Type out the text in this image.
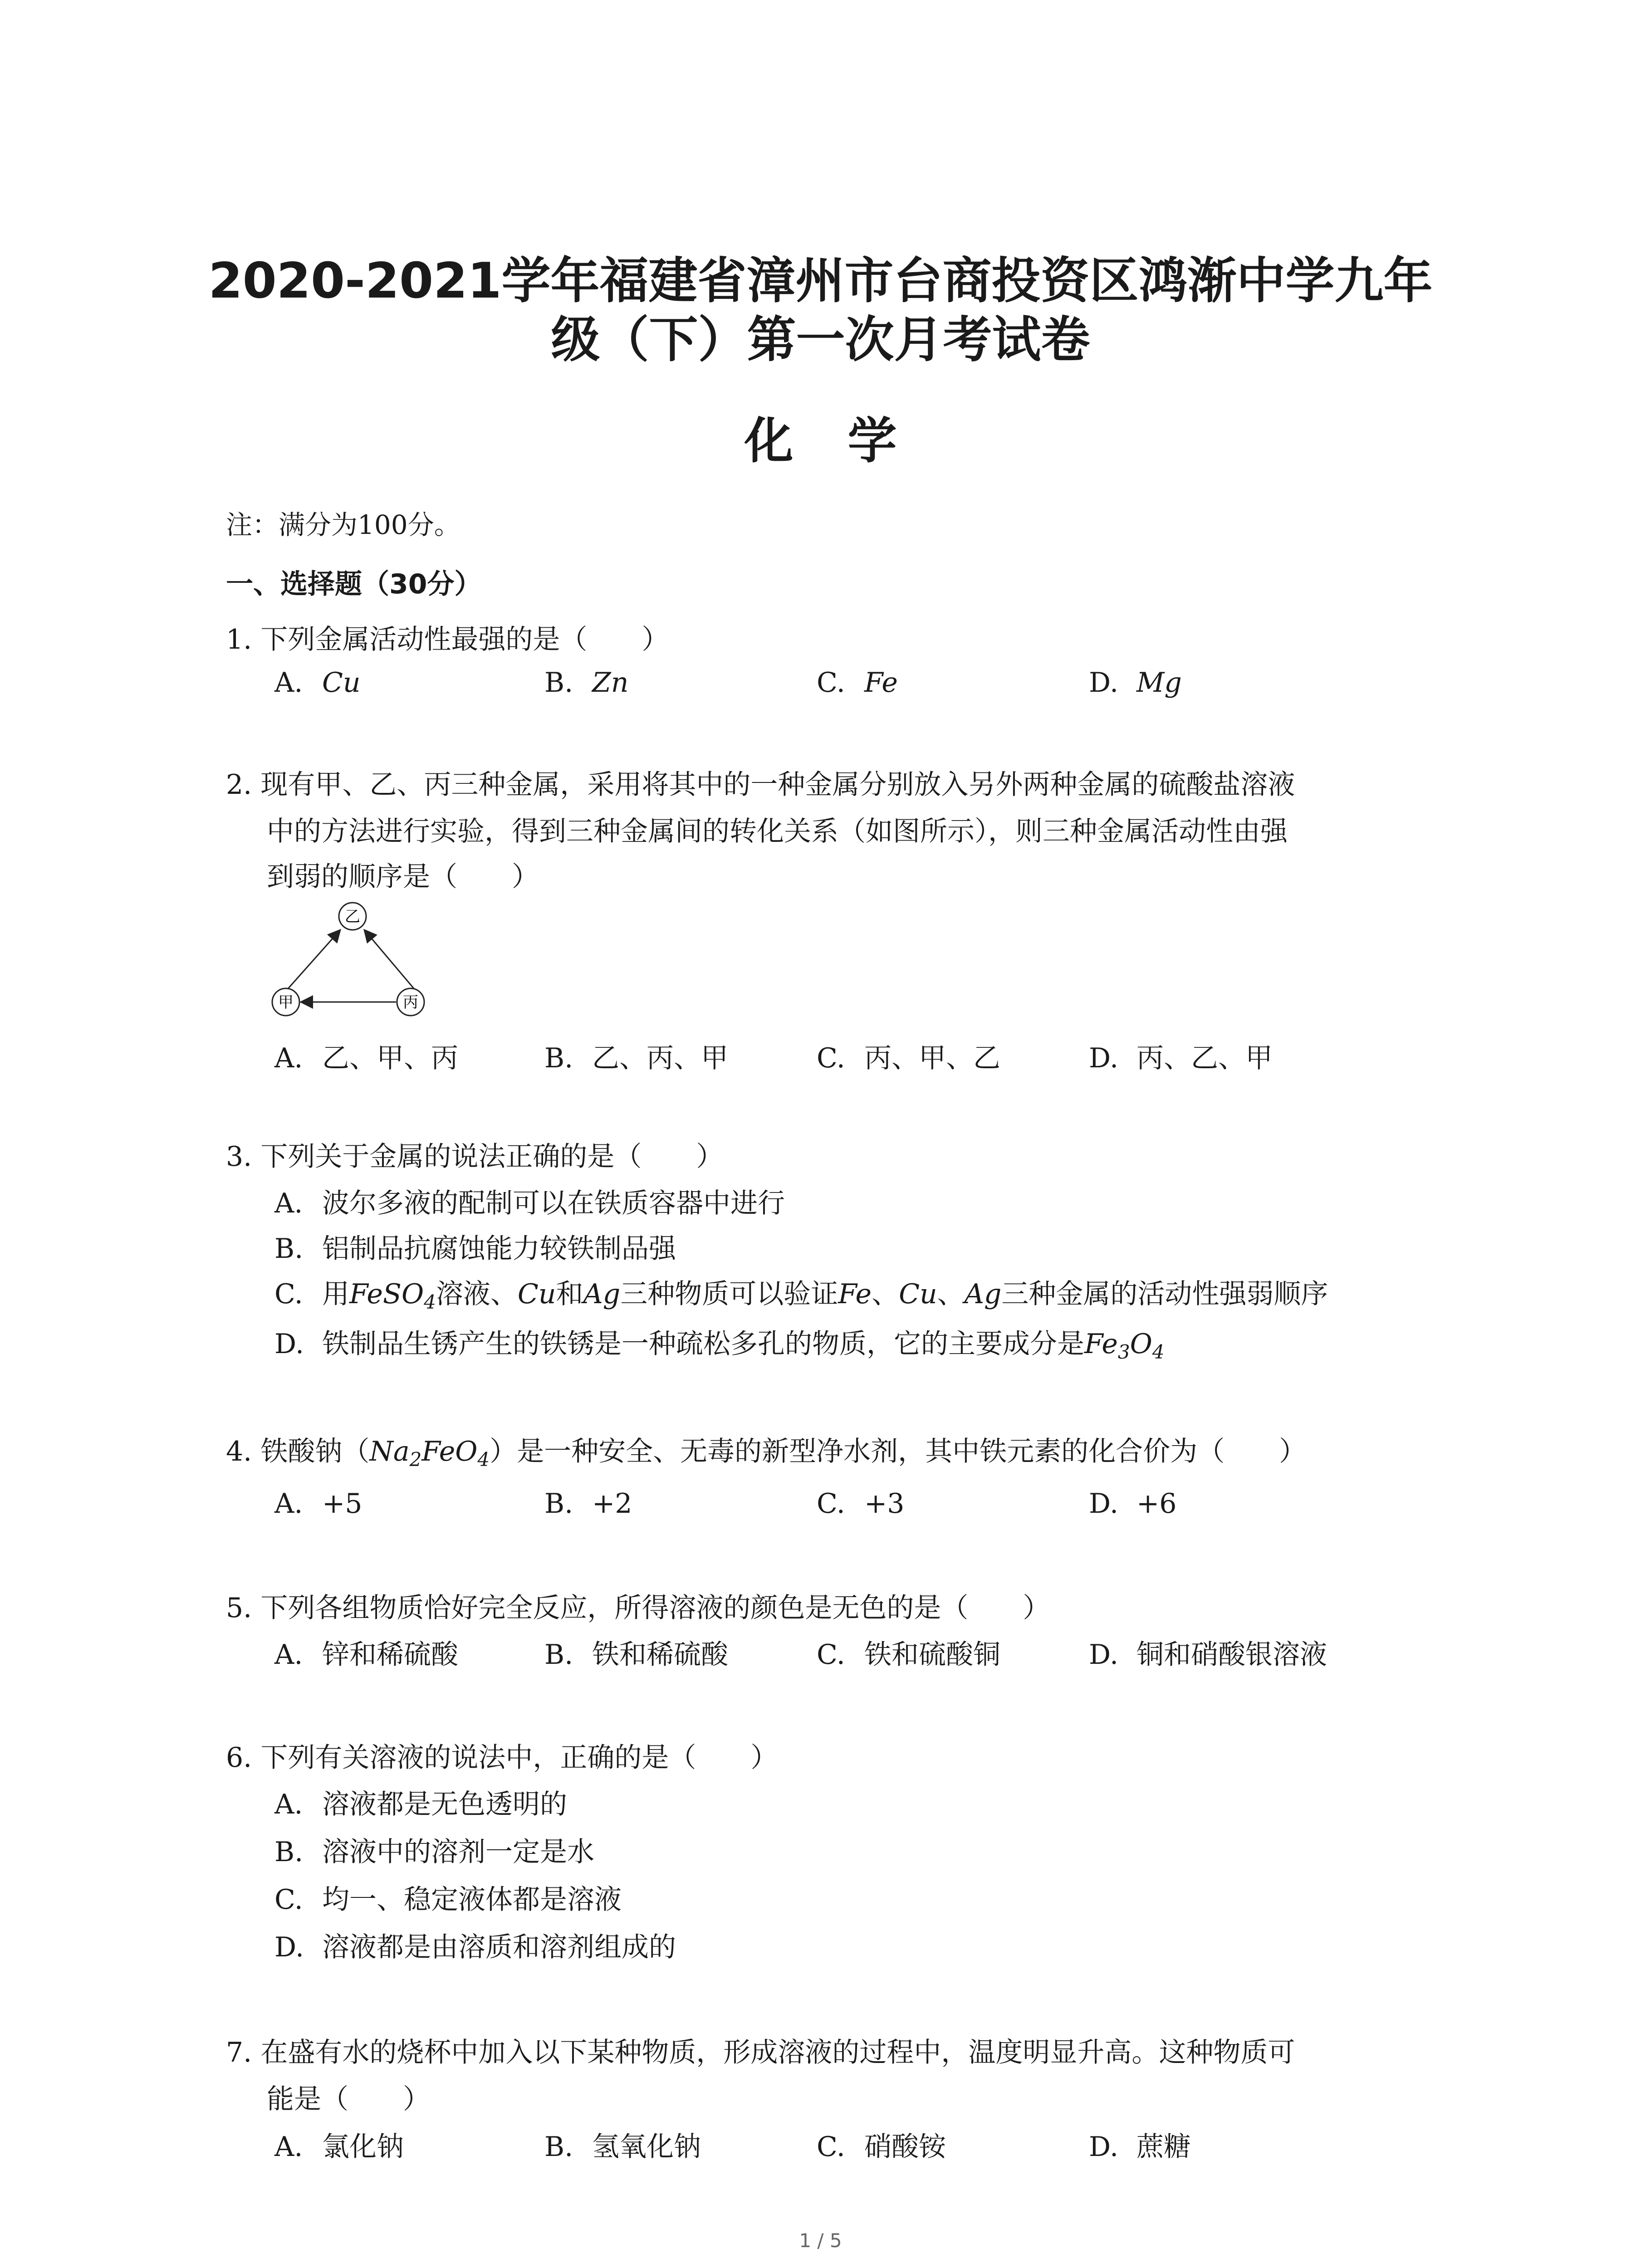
2020-2021学年福建省漳州市台商投资区鸿渐中学九年
级（下）第一次月考试卷
化学
注：满分为100分。
一、选择题（30分）
1. 下列金属活动性最强的是（　　）
A. Cu	B. Zn	C. Fe	D. Mg
2. 现有甲、乙、丙三种金属，采用将其中的一种金属分别放入另外两种金属的硫酸盐溶液
中的方法进行实验，得到三种金属间的转化关系（如图所示），则三种金属活动性由强
到弱的顺序是（　　）
乙
甲	丙
A. 乙、甲、丙	B. 乙、丙、甲	C. 丙、甲、乙	D. 丙、乙、甲
3. 下列关于金属的说法正确的是（　　）
A. 波尔多液的配制可以在铁质容器中进行
B. 铝制品抗腐蚀能力较铁制品强
C. 用FeSO$_4$溶液、Cu和Ag三种物质可以验证Fe、Cu、Ag三种金属的活动性强弱顺序
D. 铁制品生锈产生的铁锈是一种疏松多孔的物质，它的主要成分是$Fe_3O_4$
4. 铁酸钠$(Na_2FeO_4)$是一种安全、无毒的新型净水剂，其中铁元素的化合价为（　　）
A. +5	B. +2	C. +3	D. +6
5. 下列各组物质恰好完全反应，所得溶液的颜色是无色的是（　　）
A. 锌和稀硫酸	B. 铁和稀硫酸	C. 铁和硫酸铜	D. 铜和硝酸银溶液
6. 下列有关溶液的说法中，正确的是（　　）
A. 溶液都是无色透明的
B. 溶液中的溶剂一定是水
C. 均一、稳定液体都是溶液
D. 溶液都是由溶质和溶剂组成的
7. 在盛有水的烧杯中加入以下某种物质，形成溶液的过程中，温度明显升高。这种物质可
能是（　　）
A. 氯化钠	B. 氢氧化钠	C. 硝酸铵	D. 蔗糖
1 / 5
